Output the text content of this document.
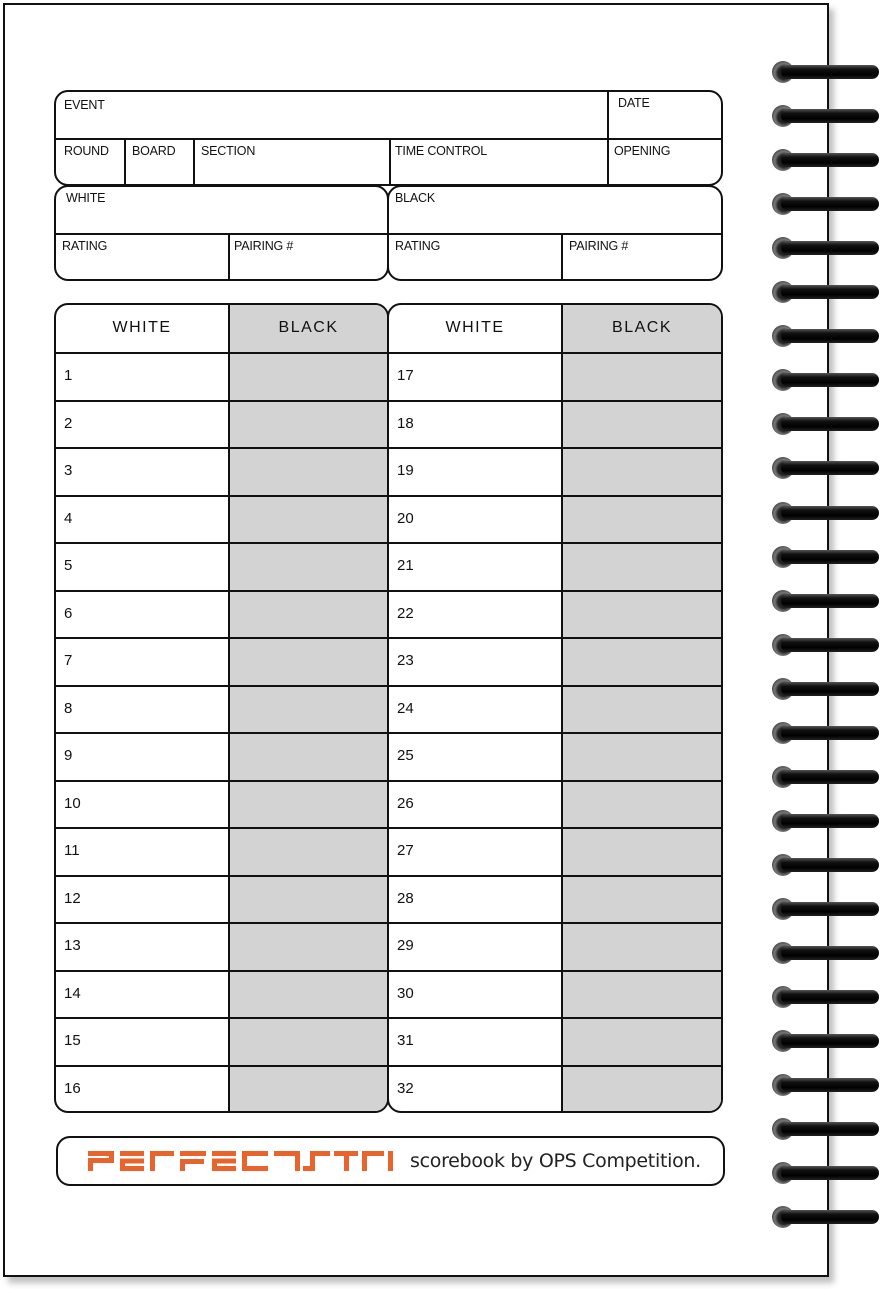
EVENT	DATE
ROUND BOARD SECTION	TIME CONTROL	OPENING
WHITE
RATING	PAIRING #
BLACK
RATING	PAIRING #
WHITE	BLACK
1
2
3
4
5
6
7
8
9
10
11
12
13
14
15
16
WHITE	BLACK
17
18
19
20
21
22
23
24
25
26
27
28
29
30
31
32
scorebook by OPS Competition.
